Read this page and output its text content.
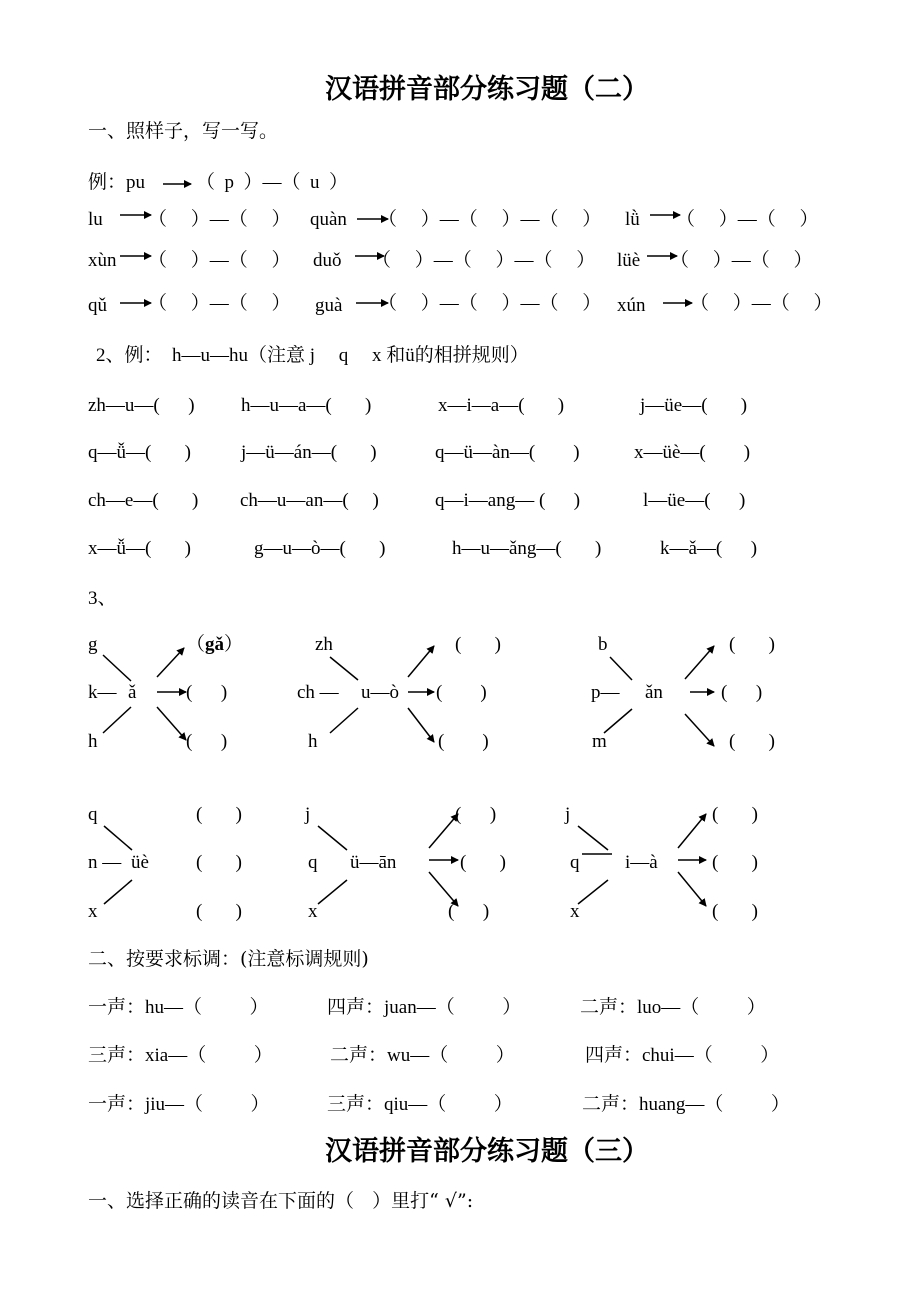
汉语拼音部分练习题（二）
一、照样子，写一写。
例：pu	（  p  ）—（  u  ）
lu （     ）—（     ） quàn （     ）—（     ）—（     ） lǜ （     ）—（     ）
xùn （     ）—（     ） duǒ （     ）—（     ）—（     ） lüè （     ）—（     ）
qǔ （     ）—（     ） guà （     ）—（     ）—（     ） xún （     ）—（     ）
2、例：  h—u—hu（注意 j     q     x 和ü的相拼规则）
zh—u—(      ) h—u—a—(       )	x—i—a—(       )	j—üe—(       )
q—ǚ—(       )	j—ü—án—(       )	q—ü—àn—(        )	x—üè—(        )
ch—e—(       ) ch—u—an—(     )	q—i—ang— (      )	l—üe—(      )
x—ǚ—(       )	g—u—ò—(       )	h—u—ǎng—(       )	k—ǎ—(      )
3、
g
k— ǎ
h
（gǎ）
(      )
(      )
zh
ch — u—ò
h
(       )
(        )
(        )
b
p— ǎn
m
(       )
(      )
(       )
q
n — üè
x
(       )
(       )
(       )
j
q ü—ān
x
(      )
(       )
(      )
j
q i—à
x
(       )
(       )
(       )
二、按要求标调：(注意标调规则)
一声：hu—（          ）	四声：juan—（          ）	二声：luo—（          ）
三声：xia—（          ）	二声：wu—（          ）	四声：chui—（          ）
一声：jiu—（          ）	三声：qiu—（          ）	二声：huang—（          ）
汉语拼音部分练习题（三）
一、选择正确的读音在下面的（   ）里打“ √”:
